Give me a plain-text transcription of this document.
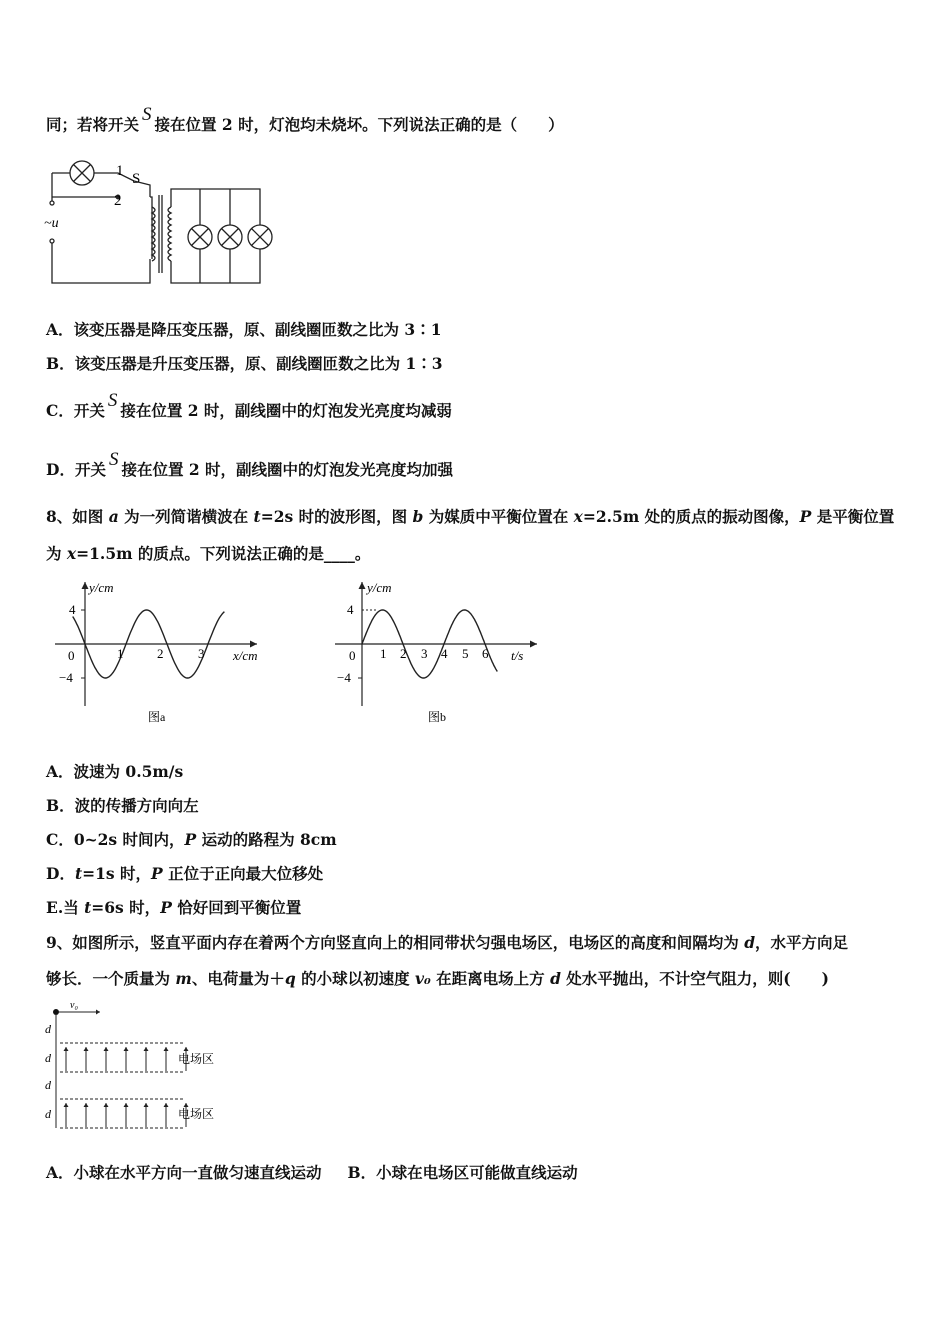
同；若将开关 S 接在位置 2 时，灯泡均未烧坏。下列说法正确的是（　　）
1
2
S
~u
A．该变压器是降压变压器，原、副线圈匝数之比为 3∶1
B．该变压器是升压变压器，原、副线圈匝数之比为 1∶3
C．开关 S 接在位置 2 时，副线圈中的灯泡发光亮度均减弱
D．开关 S 接在位置 2 时，副线圈中的灯泡发光亮度均加强
8、如图 a 为一列简谐横波在 t=2s 时的波形图，图 b 为媒质中平衡位置在 x=2.5m 处的质点的振动图像，P 是平衡位置
为 x=1.5m 的质点。下列说法正确的是____。
y/cm
x/cm
4
−4
0	1	2	3
图a
y/cm
t/s
4
−4
0 1 2 3 4 5 6
图b
A．波速为 0.5m/s
B．波的传播方向向左
C．0~2s 时间内，P 运动的路程为 8cm
D．t=1s 时，P 正位于正向最大位移处
E.当 t=6s 时，P 恰好回到平衡位置
9、如图所示，竖直平面内存在着两个方向竖直向上的相同带状匀强电场区，电场区的高度和间隔均为 d，水平方向足
够长．一个质量为 m、电荷量为＋q 的小球以初速度 v₀ 在距离电场上方 d 处水平抛出，不计空气阻力，则(　　)
v₀
d
d
d
d
电场区
电场区
A．小球在水平方向一直做匀速直线运动 B．小球在电场区可能做直线运动
